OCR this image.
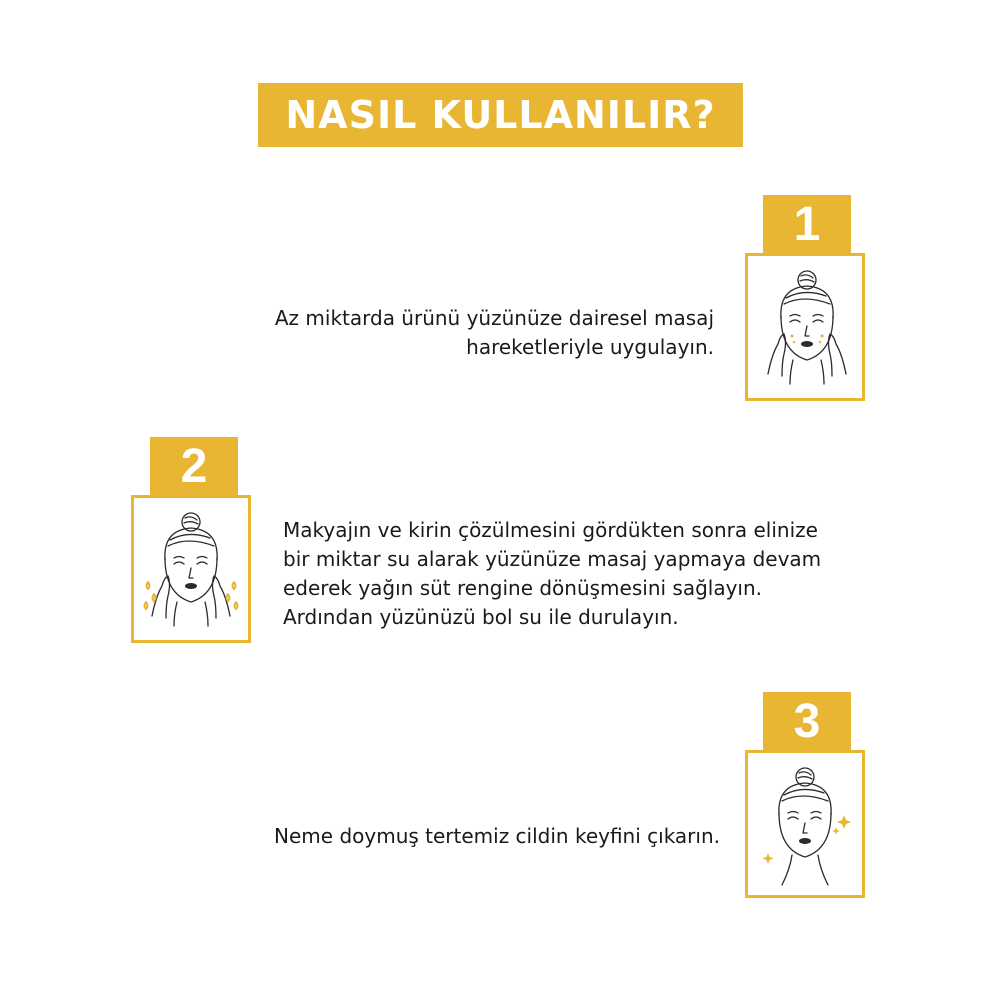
NASIL KULLANILIR?
1
Az miktarda ürünü yüzünüze dairesel masaj
hareketleriyle uygulayın.
2
Makyajın ve kirin çözülmesini gördükten sonra elinize
bir miktar su alarak yüzünüze masaj yapmaya devam
ederek yağın süt rengine dönüşmesini sağlayın.
Ardından yüzünüzü bol su ile durulayın.
3
Neme doymuş tertemiz cildin keyfini çıkarın.
